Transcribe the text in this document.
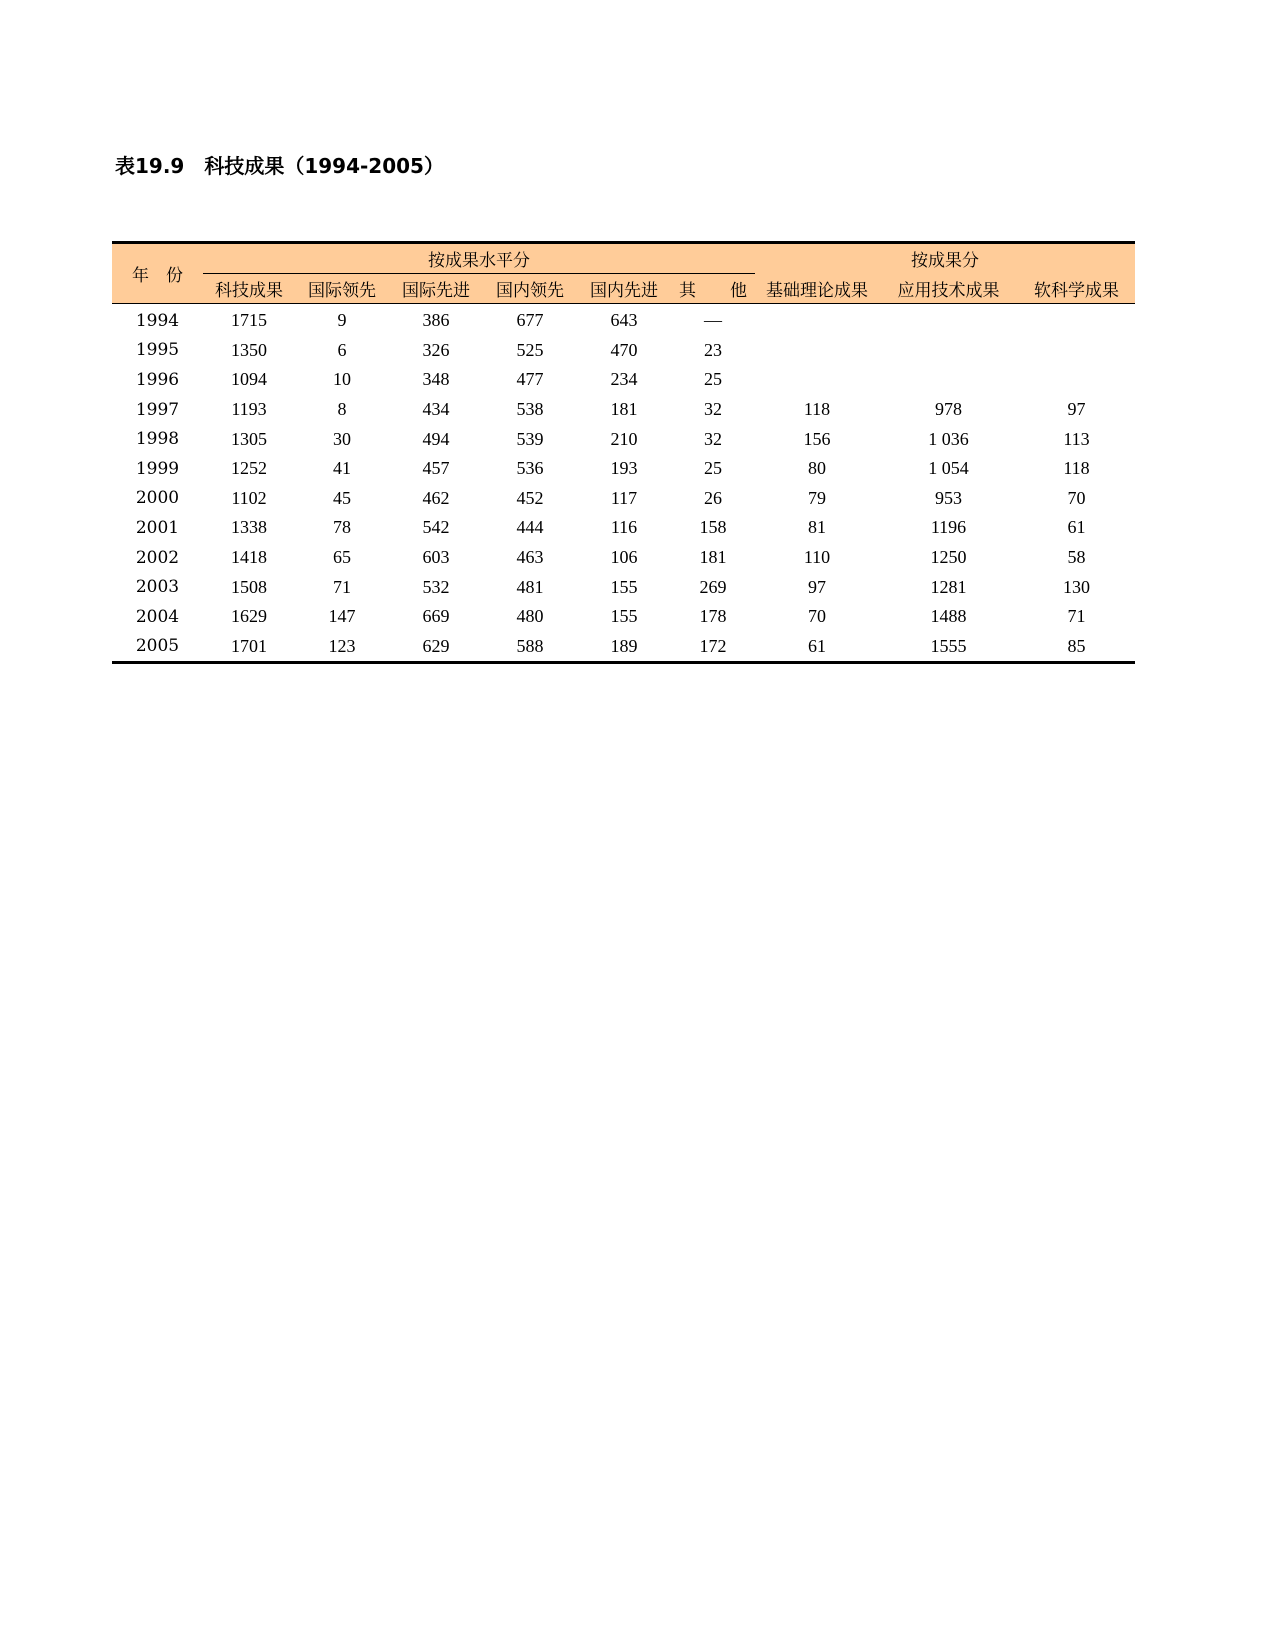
表19.9　科技成果（1994-2005）
年　份	按成果水平分						按成果分		
	科技成果	国际领先	国际先进	国内领先	国内先进	其 他	基础理论成果	应用技术成果	软科学成果
1994	1715	9	386	677	643	—			
1995	1350	6	326	525	470	23			
1996	1094	10	348	477	234	25			
1997	1193	8	434	538	181	32	118	978	97
1998	1305	30	494	539	210	32	156	1 036	113
1999	1252	41	457	536	193	25	80	1 054	118
2000	1102	45	462	452	117	26	79	953	70
2001	1338	78	542	444	116	158	81	1196	61
2002	1418	65	603	463	106	181	110	1250	58
2003	1508	71	532	481	155	269	97	1281	130
2004	1629	147	669	480	155	178	70	1488	71
2005	1701	123	629	588	189	172	61	1555	85
